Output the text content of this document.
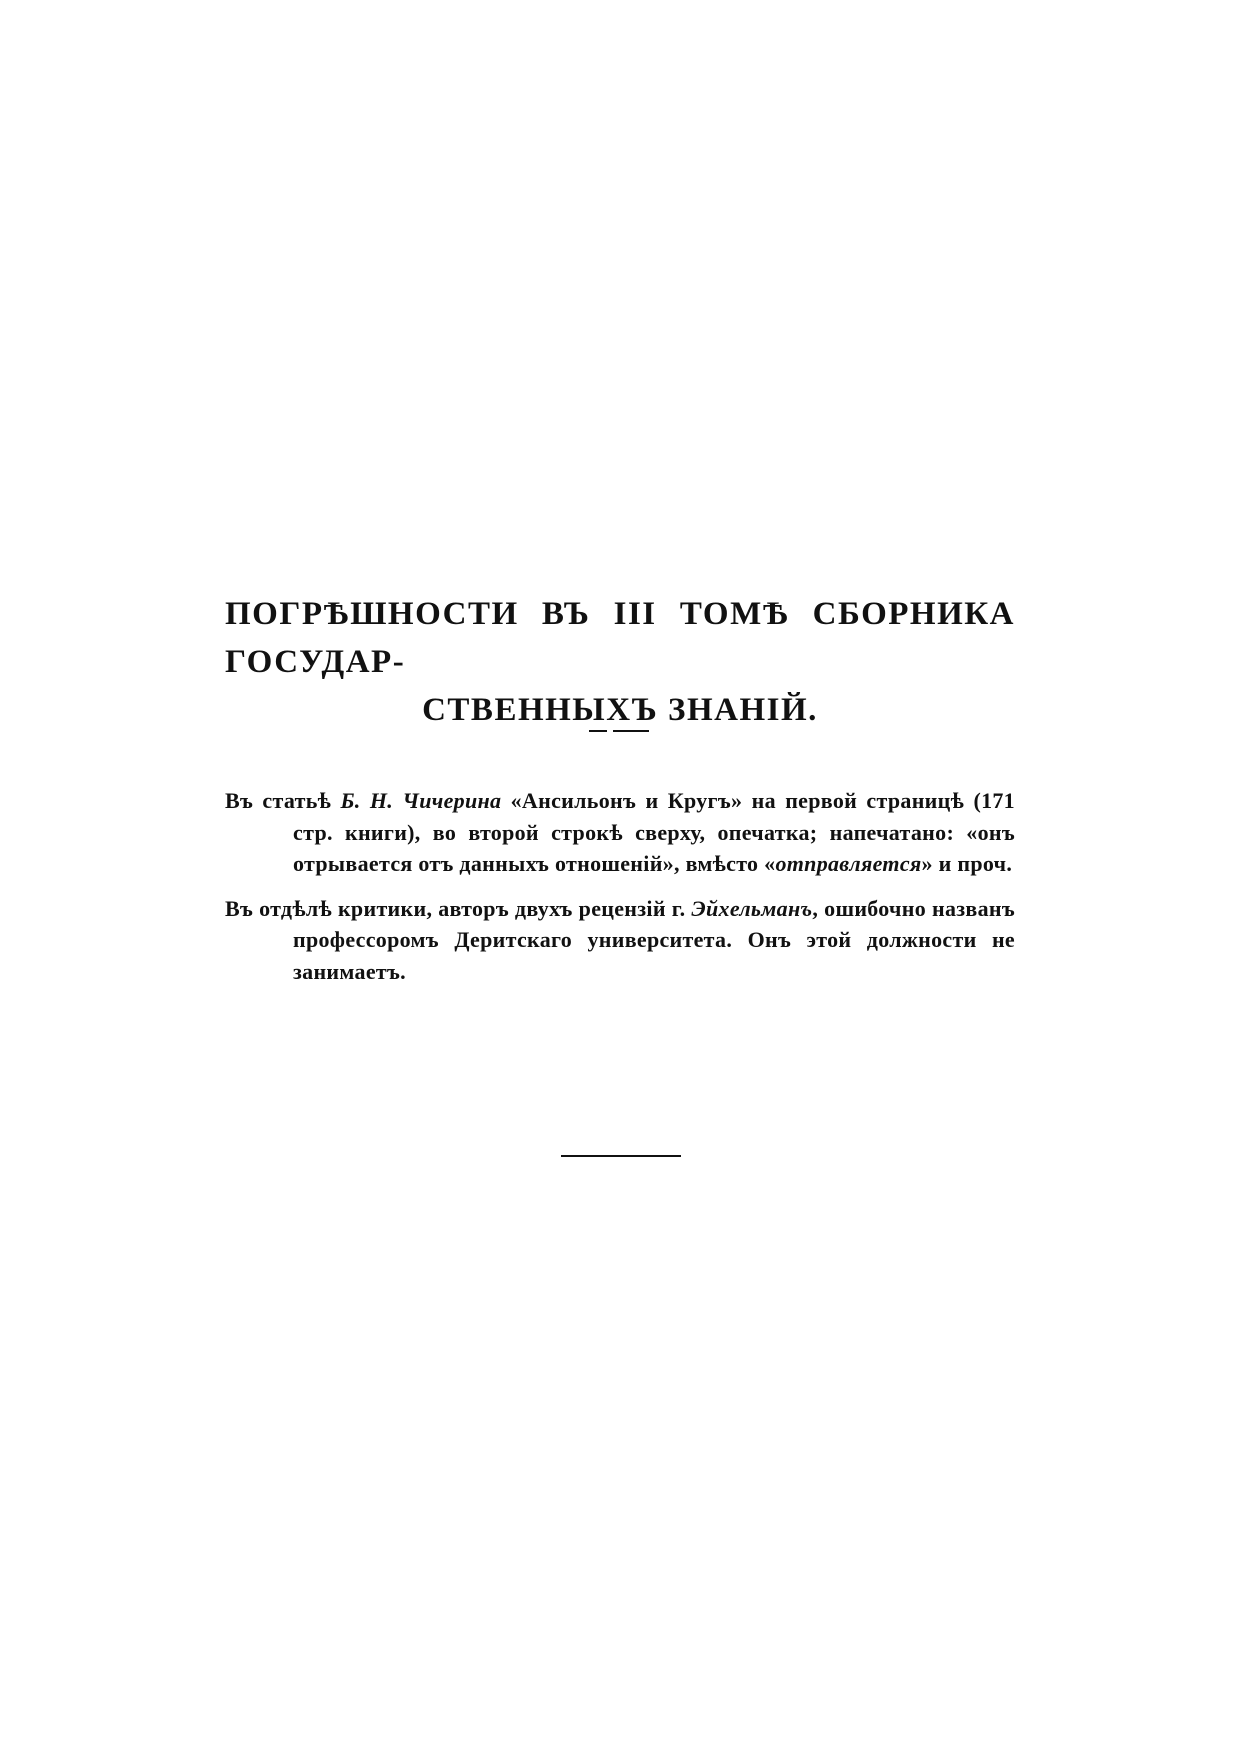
ПОГРѢШНОСТИ ВЪ III ТОМѢ СБОРНИКА ГОСУДАР-
СТВЕННЫХЪ ЗНАНІЙ.

Въ статьѣ Б. Н. Чичерина «Ансильонъ и Кругъ» на первой страницѣ (171 стр. книги), во второй строкѣ сверху, опечатка; напечатано: «онъ отрывается отъ данныхъ отношеній», вмѣсто «отправляется» и проч.

Въ отдѣлѣ критики, авторъ двухъ рецензій г. Эйхельманъ, ошибочно названъ профессоромъ Деритскаго университета. Онъ этой должности не занимаетъ.
